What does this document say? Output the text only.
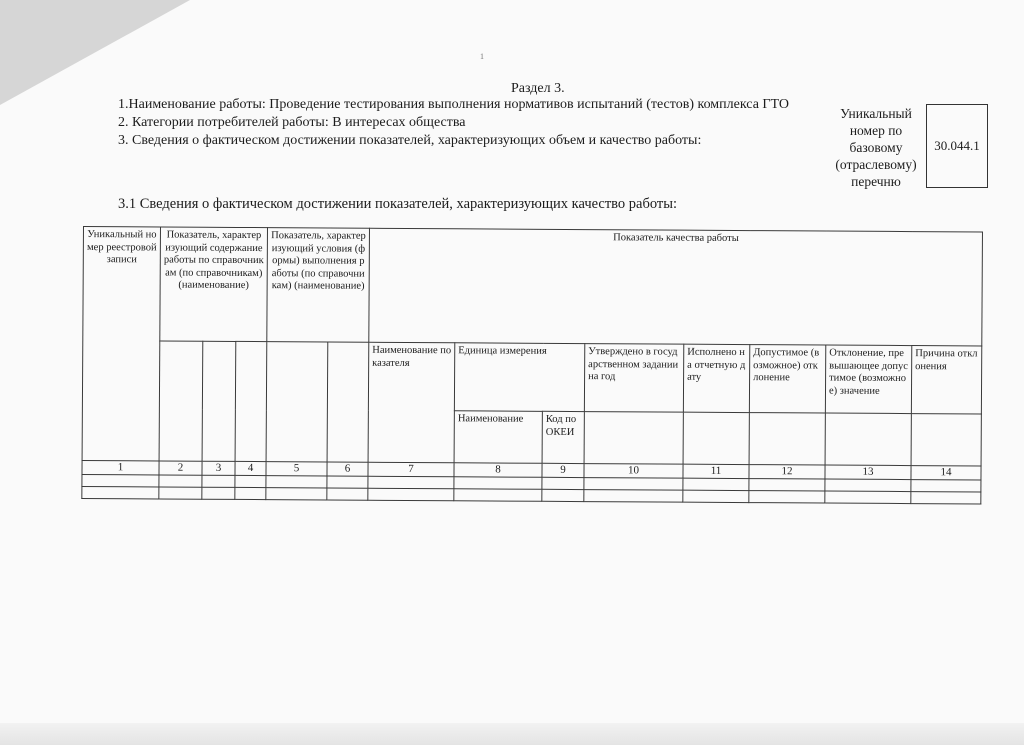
1
Раздел 3.
1.Наименование работы: Проведение тестирования выполнения нормативов испытаний (тестов) комплекса ГТО
2. Категории потребителей работы: В интересах общества
3. Сведения о фактическом достижении показателей, характеризующих объем и качество работы:
Уникальный номер по базовому (отраслевому) перечню
30.044.1
3.1 Сведения о фактическом достижении показателей, характеризующих качество работы:
Уникальный номер реестровой записи	Показатель, характеризующий содержание работы по справочникам (по справочникам) (наименование)			Показатель, характеризующий условия (формы) выполнения работы (по справочникам) (наименование)		Показатель качества работы							
						Наименование показателя	Единица измерения		Утверждено в государственном задании на год	Исполнено на отчетную дату	Допустимое (возможное) отклонение	Отклонение, превышающее допустимое (возможное) значение	Причина отклонения
							Наименование	Код по ОКЕИ					
1	2	3	4	5	6	7	8	9	10	11	12	13	14
